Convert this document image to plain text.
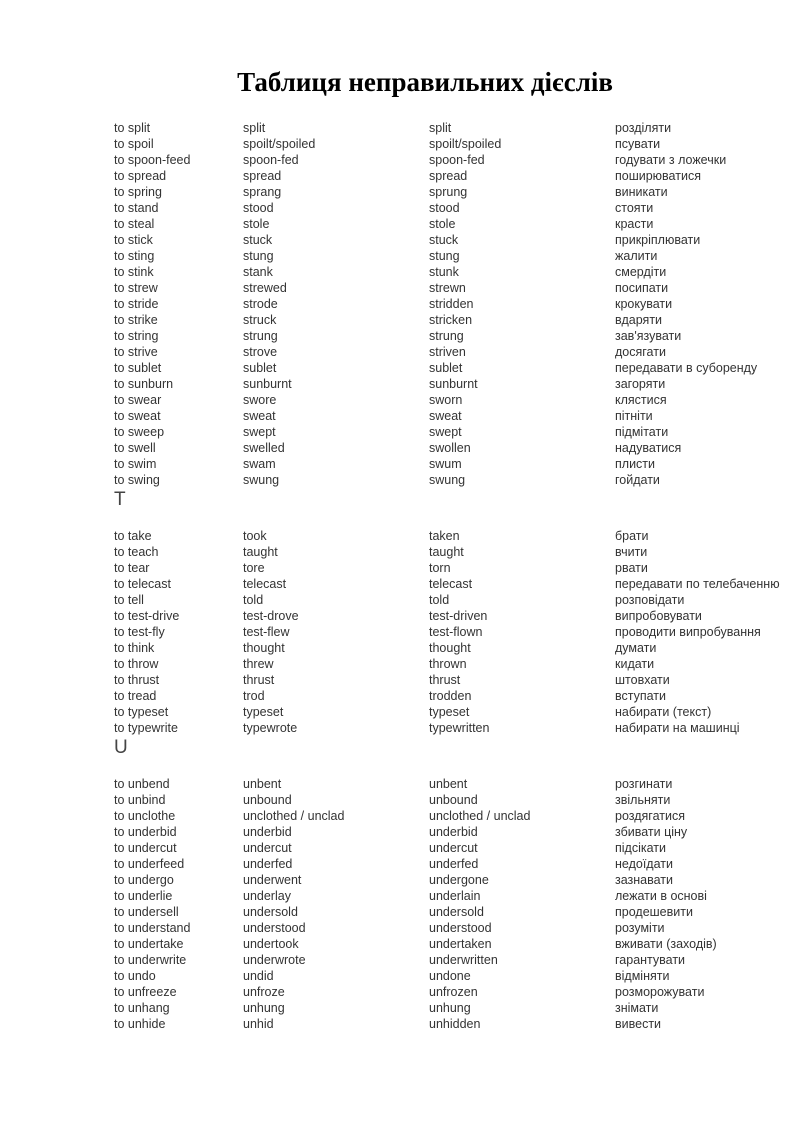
Таблиця неправильних дієслів
to split	split	split	розділяти
to spoil	spoilt/spoiled	spoilt/spoiled	псувати
to spoon-feed	spoon-fed	spoon-fed	годувати з ложечки
to spread	spread	spread	поширюватися
to spring	sprang	sprung	виникати
to stand	stood	stood	стояти
to steal	stole	stole	красти
to stick	stuck	stuck	прикріплювати
to sting	stung	stung	жалити
to stink	stank	stunk	смердіти
to strew	strewed	strewn	посипати
to stride	strode	stridden	крокувати
to strike	struck	stricken	вдаряти
to string	strung	strung	зав'язувати
to strive	strove	striven	досягати
to sublet	sublet	sublet	передавати в суборенду
to sunburn	sunburnt	sunburnt	загоряти
to swear	swore	sworn	клястися
to sweat	sweat	sweat	пітніти
to sweep	swept	swept	підмітати
to swell	swelled	swollen	надуватися
to swim	swam	swum	плисти
to swing	swung	swung	гойдати
T
to take	took	taken	брати
to teach	taught	taught	вчити
to tear	tore	torn	рвати
to telecast	telecast	telecast	передавати по телебаченню
to tell	told	told	розповідати
to test-drive	test-drove	test-driven	випробовувати
to test-fly	test-flew	test-flown	проводити випробування
to think	thought	thought	думати
to throw	threw	thrown	кидати
to thrust	thrust	thrust	штовхати
to tread	trod	trodden	вступати
to typeset	typeset	typeset	набирати (текст)
to typewrite	typewrote	typewritten	набирати на машинці
U
to unbend	unbent	unbent	розгинати
to unbind	unbound	unbound	звільняти
to unclothe	unclothed / unclad	unclothed / unclad	роздягатися
to underbid	underbid	underbid	збивати ціну
to undercut	undercut	undercut	підсікати
to underfeed	underfed	underfed	недоїдати
to undergo	underwent	undergone	зазнавати
to underlie	underlay	underlain	лежати в основі
to undersell	undersold	undersold	продешевити
to understand	understood	understood	розуміти
to undertake	undertook	undertaken	вживати (заходів)
to underwrite	underwrote	underwritten	гарантувати
to undo	undid	undone	відміняти
to unfreeze	unfroze	unfrozen	розморожувати
to unhang	unhung	unhung	знімати
to unhide	unhid	unhidden	вивести
